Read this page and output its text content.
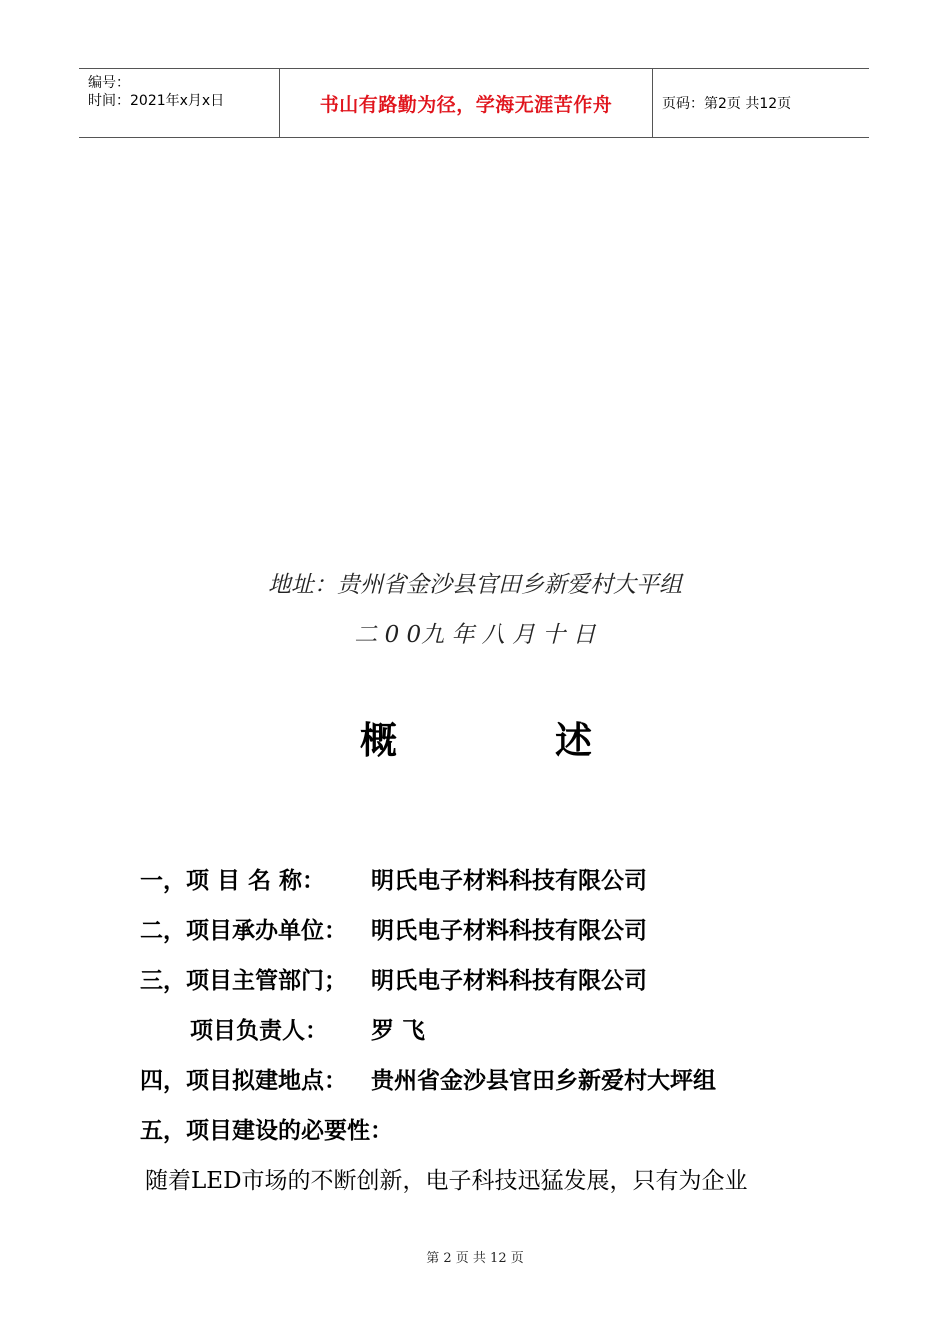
编号：
时间：2021年x月x日	书山有路勤为径，学海无涯苦作舟	页码：第2页 共12页
地址：贵州省金沙县官田乡新爱村大平组
二 0 0九 年 八 月 十 日
概	述
一，项 目 名 称： 明氏电子材料科技有限公司
二，项目承办单位： 明氏电子材料科技有限公司
三，项目主管部门； 明氏电子材料科技有限公司
项目负责人： 罗 飞
四，项目拟建地点： 贵州省金沙县官田乡新爱村大坪组
五，项目建设的必要性：
随着LED市场的不断创新，电子科技迅猛发展，只有为企业
第 2 页 共 12 页
